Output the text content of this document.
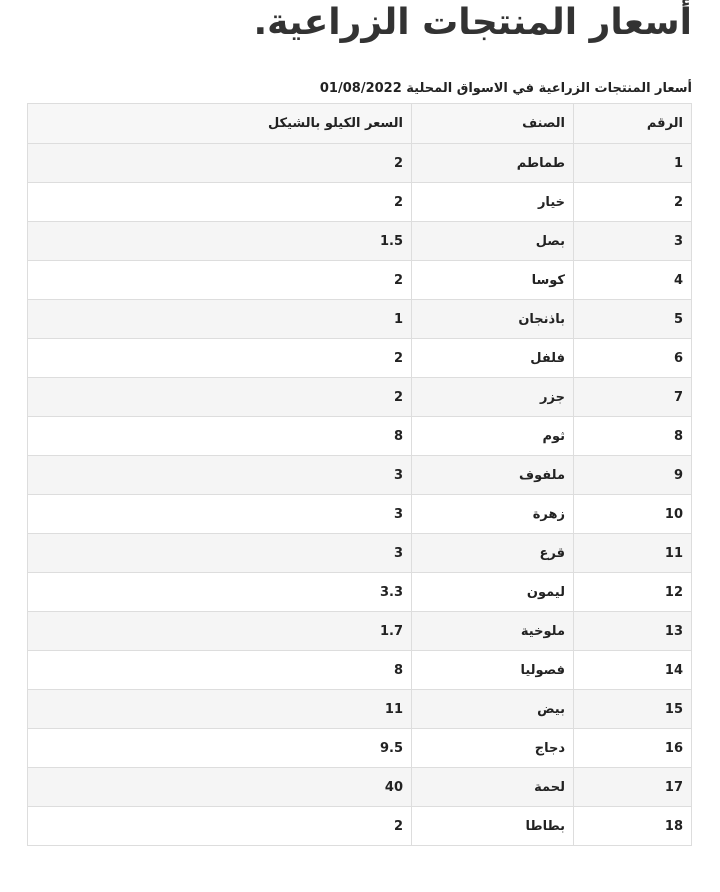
أسعار المنتجات الزراعية.
أسعار المنتجات الزراعية في الاسواق المحلية 01/08/2022
الرقم	الصنف	السعر الكيلو بالشيكل
1	طماطم	2
2	خيار	2
3	بصل	1.5
4	كوسا	2
5	باذنجان	1
6	فلفل	2
7	جزر	2
8	ثوم	8
9	ملفوف	3
10	زهرة	3
11	قرع	3
12	ليمون	3.3
13	ملوخية	1.7
14	فصوليا	8
15	بيض	11
16	دجاج	9.5
17	لحمة	40
18	بطاطا	2
